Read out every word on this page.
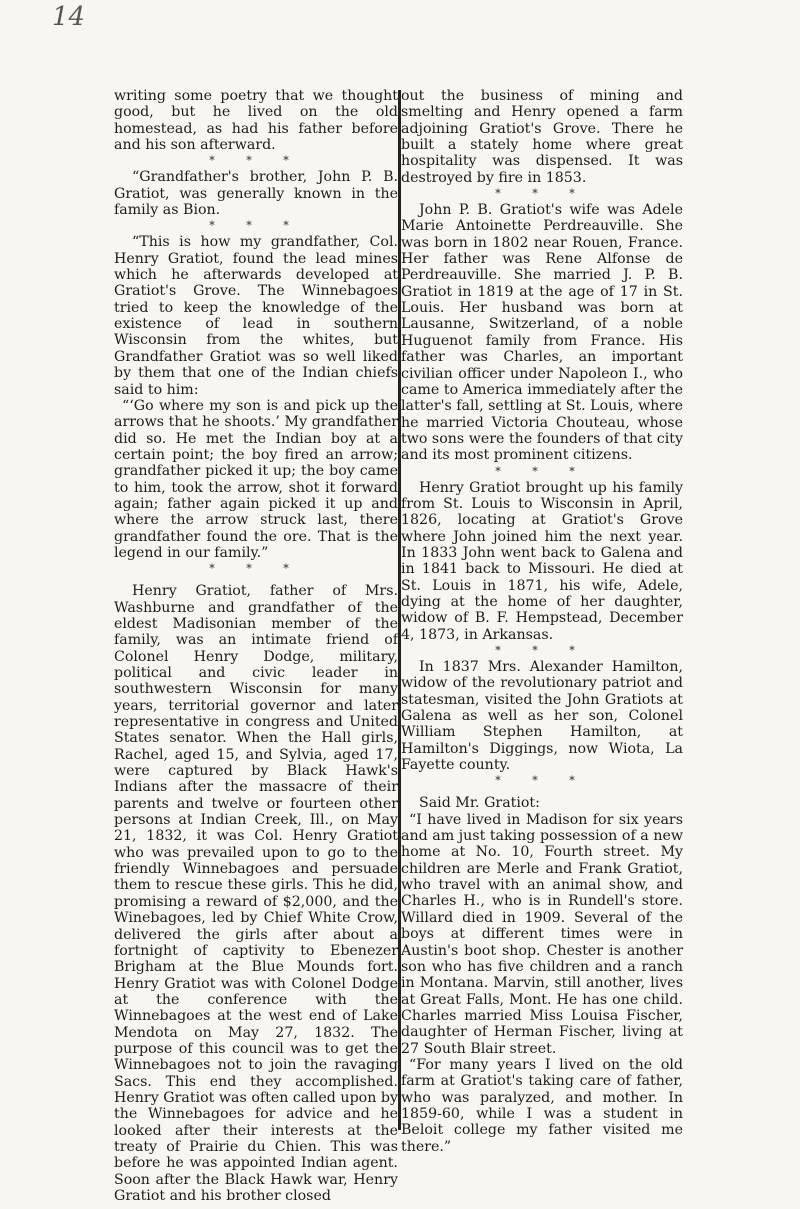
14

writing some poetry that we thought good, but he lived on the old homestead, as had his father before and his son afterward.

* * *

“Grandfather's brother, John P. B. Gratiot, was generally known in the family as Bion.

* * *

“This is how my grandfather, Col. Henry Gratiot, found the lead mines which he afterwards developed at Gratiot's Grove. The Winnebagoes tried to keep the knowledge of the existence of lead in southern Wisconsin from the whites, but Grandfather Gratiot was so well liked by them that one of the Indian chiefs said to him:

“‘Go where my son is and pick up the arrows that he shoots.’ My grandfather did so. He met the Indian boy at a certain point; the boy fired an arrow; grandfather picked it up; the boy came to him, took the arrow, shot it forward again; father again picked it up and where the arrow struck last, there grandfather found the ore. That is the legend in our family.”

* * *

Henry Gratiot, father of Mrs. Washburne and grandfather of the eldest Madisonian member of the family, was an intimate friend of Colonel Henry Dodge, military, political and civic leader in southwestern Wisconsin for many years, territorial governor and later representative in congress and United States senator. When the Hall girls, Rachel, aged 15, and Sylvia, aged 17, were captured by Black Hawk's Indians after the massacre of their parents and twelve or fourteen other persons at Indian Creek, Ill., on May 21, 1832, it was Col. Henry Gratiot who was prevailed upon to go to the friendly Winnebagoes and persuade them to rescue these girls. This he did, promising a reward of $2,000, and the Winebagoes, led by Chief White Crow, delivered the girls after about a fortnight of captivity to Ebenezer Brigham at the Blue Mounds fort. Henry Gratiot was with Colonel Dodge at the conference with the Winnebagoes at the west end of Lake Mendota on May 27, 1832. The purpose of this council was to get the Winnebagoes not to join the ravaging Sacs. This end they accomplished. Henry Gratiot was often called upon by the Winnebagoes for advice and he looked after their interests at the treaty of Prairie du Chien. This was before he was appointed Indian agent. Soon after the Black Hawk war, Henry Gratiot and his brother closed

out the business of mining and smelting and Henry opened a farm adjoining Gratiot's Grove. There he built a stately home where great hospitality was dispensed. It was destroyed by fire in 1853.

* * *

John P. B. Gratiot's wife was Adele Marie Antoinette Perdreauville. She was born in 1802 near Rouen, France. Her father was Rene Alfonse de Perdreauville. She married J. P. B. Gratiot in 1819 at the age of 17 in St. Louis. Her husband was born at Lausanne, Switzerland, of a noble Huguenot family from France. His father was Charles, an important civilian officer under Napoleon I., who came to America immediately after the latter's fall, settling at St. Louis, where he married Victoria Chouteau, whose two sons were the founders of that city and its most prominent citizens.

* * *

Henry Gratiot brought up his family from St. Louis to Wisconsin in April, 1826, locating at Gratiot's Grove where John joined him the next year. In 1833 John went back to Galena and in 1841 back to Missouri. He died at St. Louis in 1871, his wife, Adele, dying at the home of her daughter, widow of B. F. Hempstead, December 4, 1873, in Arkansas.

* * *

In 1837 Mrs. Alexander Hamilton, widow of the revolutionary patriot and statesman, visited the John Gratiots at Galena as well as her son, Colonel William Stephen Hamilton, at Hamilton's Diggings, now Wiota, La Fayette county.

* * *

Said Mr. Gratiot:

“I have lived in Madison for six years and am just taking possession of a new home at No. 10, Fourth street. My children are Merle and Frank Gratiot, who travel with an animal show, and Charles H., who is in Rundell's store. Willard died in 1909. Several of the boys at different times were in Austin's boot shop. Chester is another son who has five children and a ranch in Montana. Marvin, still another, lives at Great Falls, Mont. He has one child. Charles married Miss Louisa Fischer, daughter of Herman Fischer, living at 27 South Blair street.

“For many years I lived on the old farm at Gratiot's taking care of father, who was paralyzed, and mother. In 1859-60, while I was a student in Beloit college my father visited me there.”
